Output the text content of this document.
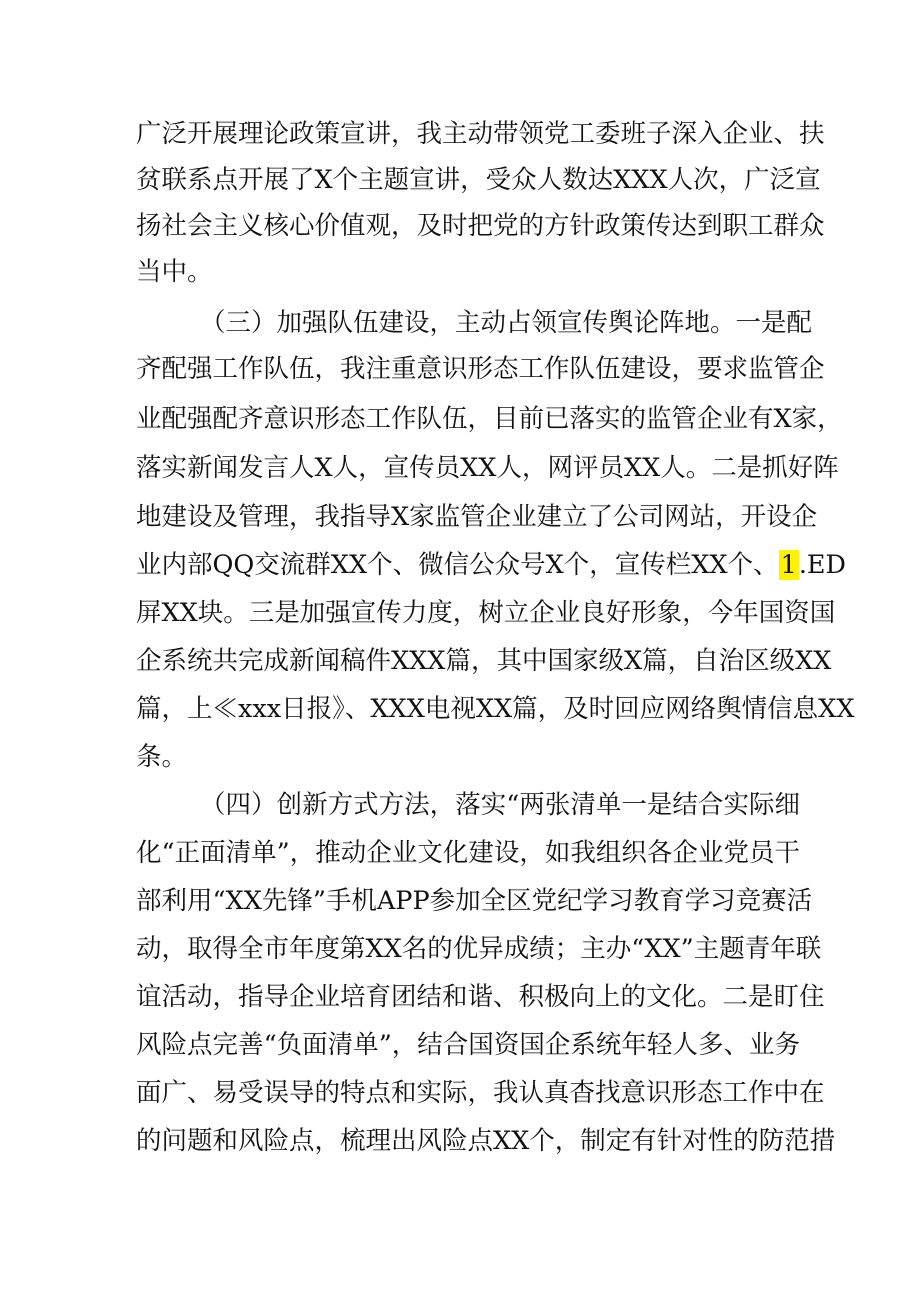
广泛开展理论政策宣讲，我主动带领党工委班子深入企业、扶
贫联系点开展了X个主题宣讲，受众人数达XXX人次，广泛宣
扬社会主义核心价值观，及时把党的方针政策传达到职工群众
当中。
（三）加强队伍建设，主动占领宣传舆论阵地。一是配
齐配强工作队伍，我注重意识形态工作队伍建设，要求监管企
业配强配齐意识形态工作队伍，目前已落实的监管企业有X家，
落实新闻发言人X人，宣传员XX人，网评员XX人。二是抓好阵
地建设及管理，我指导X家监管企业建立了公司网站，开设企
业内部QQ交流群XX个、微信公众号X个，宣传栏XX个、1.ED
屏XX块。三是加强宣传力度，树立企业良好形象，今年国资国
企系统共完成新闻稿件XXX篇，其中国家级X篇，自治区级XX
篇，上≪xxx日报》、XXX电视XX篇，及时回应网络舆情信息XX
条。
（四）创新方式方法，落实“两张清单一是结合实际细
化“正面清单”，推动企业文化建设，如我组织各企业党员干
部利用“XX先锋”手机APP参加全区党纪学习教育学习竞赛活
动，取得全市年度第XX名的优异成绩；主办“XX”主题青年联
谊活动，指导企业培育团结和谐、积极向上的文化。二是盯住
风险点完善“负面清单”，结合国资国企系统年轻人多、业务
面广、易受误导的特点和实际，我认真杳找意识形态工作中在
的问题和风险点，梳理出风险点XX个，制定有针对性的防范措
